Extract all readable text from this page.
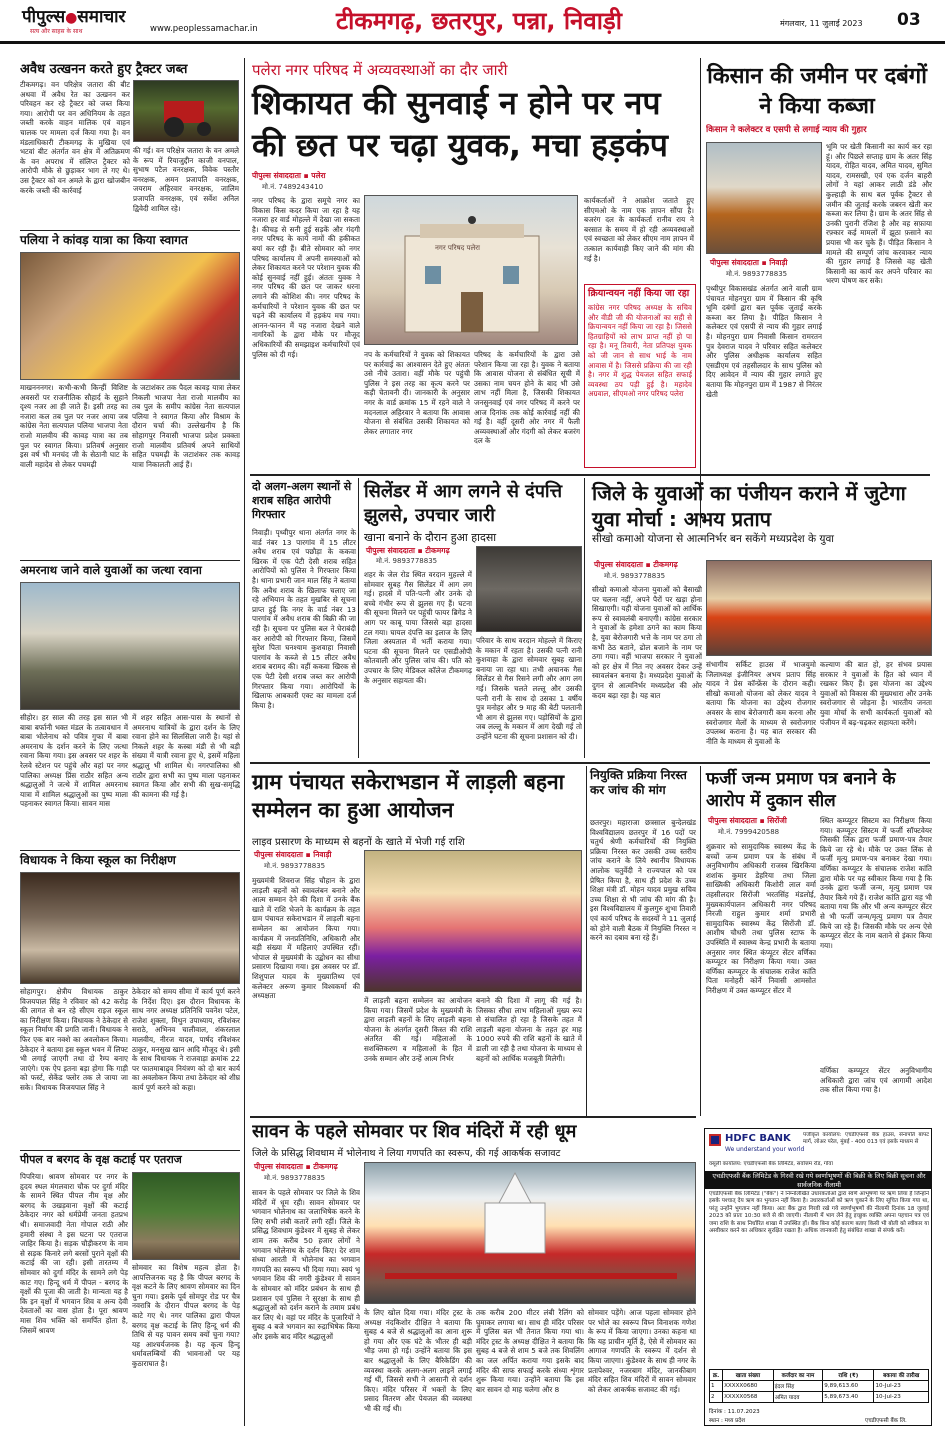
पीपुल्स●समाचार
सत्य और साहस के साथ	www.peoplessamachar.in	टीकमगढ़, छतरपुर, पन्ना, निवाड़ी	मंगलवार, 11 जुलाई 2023 03
अवैध उत्खनन करते हुए ट्रैक्टर जब्त
टीकमगढ़। वन परिक्षेत्र जतारा की बीट अथवा में अवैध रेत का उत्खनन कर परिवहन कर रहे ट्रैक्टर को जब्त किया गया। आरोपी पर वन अधिनियम के तहत जब्ती करके वाहन मालिक एवं वाहन चालक पर मामला दर्ज किया गया है। वन मंडलाधिकारी टीकमगढ़ के मुखिया एवं भटवां बीट अंतर्गत वन क्षेत्र में अतिक्रमण के वन अपराध में संलिप्त ट्रैक्टर को आरोपी मौके से छुड़ाकर भाग ले गए थे। उस ट्रैक्टर को वन अमले के द्वारा खोजबीन करके जब्ती की कार्रवाई
की गई। वन परिक्षेत्र जतारा के वन अमले के रूप में रियाजुद्दीन काजी वनपाल, सुभाष पटैल वनरक्षक, विवेक पस्तौर वनरक्षक, अमन प्रजापति वनरक्षक, जयराम अहिरवार वनरक्षक, जालिम प्रजापति वनरक्षक, एवं सर्वेश अनिल द्विवेदी शामिल रहे।
पलिया ने कांवड़ यात्रा का किया स्वागत
माखनननगर। कभी-कभी किन्हीं विशिष्ट अवसरों पर राजनीतिक सौहार्द के सुहाने दृश्य नजर आ ही जाते हैं। इसी तरह का नजारा कल तब पुल पर नजर आया जब कांग्रेस नेता सत्यपाल पलिया भाजपा नेता राजो मालवीय की कावड़ यात्रा का तब पुल पर स्वागत किया। प्रतिवर्ष अनुसार इस वर्ष भी मनचंद जी के सेठानी घाट के वाली महादेव से लेकर पचमढ़ी
के जटाशंकर तक पैदल कावड़ यात्रा लेकर निकली भाजपा नेता राजो मालवीय का तब पुल के समीप कांग्रेस नेता सत्यपाल पलिया ने स्वागत किया और विश्राम के दौरान चर्चा की। उल्लेखनीय है कि सोहागपुर निवासी भाजपा प्रदेश प्रवक्ता राजो मालवीय प्रतिवर्ष अपने साथियों सहित पचमढ़ी के जटाशंकर तक कावड़ यात्रा निकालती आई हैं।
अमरनाथ जाने वाले युवाओं का जत्था रवाना
सीहोर। हर साल की तरह इस साल भी बाबा बर्फानी भक्त मंडल के तत्वावधान में बाबा भोलेनाथ को पवित्र गुफा में बाबा अमरनाथ के दर्शन करने के लिए जत्था रवाना किया गया। इस अवसर पर शहर के रेलवे स्टेशन पर पहुंचे और वहां पर नगर पालिका अध्यक्ष प्रिंस राठौर सहित अन्य श्रद्धालुओं ने जत्थे में शामिल अमरनाथ यात्रा में शामिल श्रद्धालुओं का पुष्प माला पहनाकर स्वागत किया। सावन मास
में शहर सहित आस-पास के स्थानों से अमरनाथ यात्रियों के द्वारा दर्शन के लिए रवाना होने का सिलसिला जारी है। यहां से निकले शहर के कस्बा मंडी से भी बड़ी संख्या में यात्री रवाना हुए थे, इसमें महिला श्रद्धालु भी शामिल थे। नगरपालिका श्री राठौर द्वारा सभी का पुष्प माला पहनाकर स्वागत किया और सभी की सुख-समृद्धि की कामना की गई है।
विधायक ने किया स्कूल का निरीक्षण
सोहागपुर। क्षेत्रीय विधायक ठाकुर विजयपाल सिंह ने रविवार को 42 करोड़ की लागत से बन रहे सीएम राइज स्कूल का निरीक्षण किया। विधायक ने ठेकेदार से स्कूल निर्माण की प्रगति जानी। विधायक ने फिर एक बार नक्शे का अवलोकन किया। ठेकेदार ने बताया इस स्कूल भवन में लिफ्ट भी लगाई जाएगी तथा दो रैम्प बनाए जाएंगे। एक ऐप इतना बड़ा होगा कि गाड़ी को फर्स्ट, सेकेंड फ्लोर तक ले जाया जा सके। विधायक विजयपाल सिंह ने
ठेकेदार को समय सीमा में कार्य पूर्ण करने के निर्देश दिए। इस दौरान विधायक के साथ नगर अध्यक्ष प्रतिनिधि पवनेश पटेल, राजेश शुक्ला, मिथुन उपाध्याय, रविशंकर सराठे, अभिनव चालीवाल, शंकरलाल मालवीय, नीरज यादव, पार्षद रविशंकर ठाकुर, मनसुख खान आदि मौजूद थे। इसी के साथ विधायक ने राजवाड़ा क्रमांक 22 पर फातमाबाद्र्व नियंत्रण को दो बार कार्य का अवलोकन किया तथा ठेकेदार को शीघ्र कार्य पूर्ण करने को कहा।
पीपल व बरगद के वृक्ष कटाई पर एतराज
पिपरिया। श्रावण सोमवार पर नगर के हृदय स्थल मंगलवारा चौक पर दुर्गा मंदिर के सामने स्थित पीपल नीम वृक्ष और बरगद के उखड़वाना वृक्षों की कटाई ठेकेदार नगर को धर्मप्रेमी जनता हतप्रभ थी। समाजवादी नेता गोपाल राठी और हमारी संस्था ने इस घटना पर एतराज जाहिर किया है। सड़क चौड़ीकरण के नाम से सड़क किनारे लगे बरसों पुराने वृक्षों की कटाई की जा रही। इसी तारतम्य में सोमवार को दुर्गा मंदिर के सामने लगे पेड़ काट गए। हिन्दू धर्म में पीपल - बरगद के वृक्षों की पूजा की जाती है। मान्यता यह है कि इन वृक्षों में भगवान शिव व अन्य देवी देवताओं का वास होता है। पूरा श्रावण मास शिव भक्ति को समर्पित होता है, जिसमें श्रावण
सोमवार का विशेष महत्व होता है। आपत्तिजनक यह है कि पीपल बरगद के वृक्ष कटने के लिए श्रावण सोमवार का दिन चुना गया। इसके पूर्व सोमपुर रोड पर चैत्र नवरात्रि के दौरान पीपल बरगद के पेड़ काटे गए थे। नगर पालिका द्वारा पीपल बरगद वृक्ष कटाई के लिए हिन्दू धर्म की तिथि से यह पावन समय क्यों चुना गया? यह आश्चर्यजनक है। यह कृत्य हिन्दू धर्मावलम्बियों की भावनाओं पर यह कुठाराघात है।
पलेरा नगर परिषद में अव्यवस्थाओं का दौर जारी
शिकायत की सुनवाई न होने पर नप की छत पर चढ़ा युवक, मचा हड़कंप
पीपुल्स संवाददाता ▪ पलेरा
मो.नं. 7489243410
नगर परिषद के द्वारा समूचे नगर का विकास किस कदर किया जा रहा है यह नजारा हर वार्ड मोहल्ले में देखा जा सकता है। कीचड़ से सनी हुई सड़कें और गंदगी नगर परिषद के कार्य नामों की हकीकत बयां कर रही हैं। बीते सोमवार को नगर परिषद कार्यालय में अपनी समस्याओं को लेकर शिकायत करने पर परेशान युवक की कोई सुनवाई नहीं हुई। अंततः युवक ने नगर परिषद की छत पर जाकर धरना लगाने की कोशिश की। नगर परिषद के कर्मचारियों ने परेशान युवक की छत पर चढ़ने की कार्यालय में हड़कंप मच गया। आनन-फानन में यह नजारा देखने वाले नागरिकों के द्वारा मौके पर मौजूद अधिकारियों की समझाइश कर्मचारियों एवं पुलिस को दी गई।
नगर परिषद पलेरा
नप के कर्मचारियों ने युवक को शिकायत पर कार्रवाई का आश्वासन देते हुए अंततः उसे नीचे उतारा। वहीं मौके पर पहुंची पुलिस ने इस तरह का कृत्य करने पर कड़ी चेतावनी दी। जानकारी के अनुसार नगर के वार्ड क्रमांक 15 में रहने वाले ने मदनलाल अहिरवार ने बताया कि आवास योजना से संबंधित उसकी शिकायत को लेकर लगातार नगर
परिषद के कर्मचारियों के द्वारा उसे परेशान किया जा रहा है। युवक ने बताया कि आवास योजना से संबंधित सूची में उसका नाम चयन होने के बाद भी उसे लाभ नहीं मिला है, जिसकी शिकायत जनसुनवाई एवं नगर परिषद में करने पर आज दिनांक तक कोई कार्रवाई नहीं की गई है। वहीं दूसरी ओर नगर में फैली अव्यवस्थाओं और गंदगी को लेकर बजरंग दल के
कार्यकर्ताओं ने आक्रोश जताते हुए सीएमओ के नाम एक ज्ञापन सौंपा है। बजरंग दल के कार्यकर्ता रानीव राय ने बरसात के समय में हो रही अव्यवस्थाओं एवं स्वच्छता को लेकर सीएम नाम ज्ञापन में तत्काल कार्यवाही किए जाने की मांग की गई है।
क्रियान्वयन नहीं किया जा रहा
कांग्रेस नगर परिषद अध्यक्ष के सचिव और वीडी जी की योजनाओं का सही से क्रियान्वयन नहीं किया जा रहा है। जिससे हितग्राहियों को लाभ प्राप्त नहीं हो पा रहा है। मनू तिवारी, नेता प्रतिपक्ष युवक को जी जान से साथ भाई के नाम आवास में है। जिससे प्रक्रिया की जा रही है। नगर में शुद्ध पेयजल सहित सफाई व्यवस्था ठप पड़ी हुई है। महादेव अग्रवाल, सीएमओ नगर परिषद पलेरा
किसान की जमीन पर दबंगों ने किया कब्जा
किसान ने कलेक्टर व एसपी से लगाई न्याय की गुहार
पीपुल्स संवाददाता ▪ निवाड़ी
मो.नं. 9893778835
पृथ्वीपुर विकासखंड अंतर्गत आने वाली ग्राम पंचायत मोहनपुरा ग्राम में किसान की कृषि भूमि दबंगों द्वारा बल पूर्वक जुताई करके कब्जा कर लिया है। पीड़ित किसान ने कलेक्टर एवं एसपी से न्याय की गुहार लगाई है। मोहनपुरा ग्राम निवासी किसान रामरतन पुत्र देवराज यादव ने परिवार सहित कलेक्टर और पुलिस अधीक्षक कार्यालय सहित एसडीएम एवं तहसीलदार के साथ पुलिस को दिए आवेदन में न्याय की गुहार लगाते हुए बताया कि मोहनपुरा ग्राम में 1987 से निरंतर खेती
भूमि पर खेती किसानी का कार्य कर रहा हूं। और पिछले सप्ताह ग्राम के अतर सिंह यादव, रोहित यादव, अमित यादव, सुमित यादव, रामसखी, एवं एक दर्जन बाहरी लोगों ने यहां आकर लाठी डंडे और कुल्हाड़ी के साथ बल पूर्वक ट्रैक्टर से जमीन की जुताई करके जबरन खेती कर कब्जा कर लिया है। ग्राम के अतर सिंह से उनकी पुरानी रंजिश है और वह सफ़ाया रफ़्कार कई मामलों में झूठा फ़साने का प्रयास भी कर चुके हैं। पीड़ित किसान ने मामले की सम्पूर्ण जांच करवाकर न्याय की गुहार लगाई है जिससे वह खेती किसानी का कार्य कर अपने परिवार का भरण पोषण कर सके।
दो अलग-अलग स्थानों से शराब सहित आरोपी गिरफ्तार
निवाड़ी। पृथ्वीपुर थाना अंतर्गत नगर के वार्ड नंबर 13 पारगांव में 15 लीटर अवैध शराब एवं पछौड़ा के ककवा खिरक में एक पेटी देसी शराब सहित आरोपियों को पुलिस ने गिरफ्तार किया है। थाना प्रभारी जान माल सिंह ने बताया कि अवैध शराब के खिलाफ चलाए जा रहे अभियान के तहत मुखबिर से सूचना प्राप्त हुई कि नगर के वार्ड नंबर 13 पारगांव में अवैध शराब की बिक्री की जा रही है। सूचना पर पुलिस बल ने घेराबंदी कर आरोपी को गिरफ्तार किया, जिसमें सुरेश पिता घनश्याम कुशवाहा निवासी पारगांव के कब्जे से 15 लीटर अवैध शराब बरामद की। वहीं ककवा खिरक से एक पेटी देसी शराब जब्त कर आरोपी गिरफ्तार किया गया। आरोपियों के खिलाफ आबकारी एक्ट का मामला दर्ज किया है।
सिलेंडर में आग लगने से दंपत्ति झुलसे, उपचार जारी
खाना बनाने के दौरान हुआ हादसा
पीपुल्स संवाददाता ▪ टीकमगढ़
मो.नं. 9893778835
शहर के जेल रोड स्थित वरदान मुहल्ले में सोमवार सुबह गैस सिलेंडर में आग लग गई। हादसे में पति-पत्नी और उनके दो बच्चे गंभीर रूप से झुलस गए हैं। घटना की सूचना मिलने पर पहुंची फायर ब्रिगेड ने आग पर काबू पाया जिससे बड़ा हादसा टल गया। घायल दंपत्ति का इलाज के लिए जिला अस्पताल में भर्ती कराया गया। घटना की सूचना मिलने पर एसडीओपी कोतवाली और पुलिस जांच की। पति को उपचार के लिए मेडिकल कॉलेज टीकमगढ़ के अनुसार सहायता की।
परिवार के साथ वरदान मोहल्ले में किराए के मकान में रहता है। उसकी पत्नी रानी कुशवाहा के द्वारा सोमवार सुबह खाना बनाया जा रहा था। तभी अचानक गैस सिलेंडर से गैस रिसने लगी और आग लग गई। जिसके चलते लल्लू और उसकी पत्नी रानी के साथ दो उसका 1 वर्षीय पुत्र मनोहर और 9 माह की बेटी पलतानी भी आग से झुलस गए। पड़ोसियों के द्वारा जब लल्लू के मकान में आग देखी गई तो उन्होंने घटना की सूचना प्रशासन को दी।
जिले के युवाओं का पंजीयन कराने में जुटेगा युवा मोर्चा : अभय प्रताप
सीखो कमाओ योजना से आत्मनिर्भर बन सकेंगे मध्यप्रदेश के युवा
पीपुल्स संवाददाता ▪ टीकमगढ़
मो.नं. 9893778835
सीखो कमाओ योजना युवाओं को बैसाखी पर चलना नहीं, अपने पैरों पर खड़ा होना सिखाएगी। यही योजना युवाओं को आर्थिक रूप से स्वावलंबी बनाएगी। कांग्रेस सरकार ने युवाओं के हमेशा ठगने का काम किया है, युवा बेरोजगारी भत्ते के नाम पर ठगा तो कभी ठेठ बताने, ढोल बजाने के नाम पर ठगा गया। वहीं भाजपा सरकार ने युवाओं को हर क्षेत्र में नित नए अवसर देकर उन्हें स्वावलंबन बनाया है। मध्यप्रदेश युवाओं के दुगन से आत्मनिर्भर मध्यप्रदेश की ओर कदम बढ़ा रहा है। यह बात
संभागीय सर्किट हाउस में भाजयुमो जिलाध्यक्ष इंजीनियर अभय प्रताप सिंह यादव ने प्रेस कॉन्फ्रेंस के दौरान कही। सीखो कमाओ योजना को लेकर यादव ने बताया कि योजना का उद्देश्य रोजगार अवसर के साथ बेरोजगारी कम करना और स्वरोजगार मेलों के माध्यम से स्वरोजगार उपलब्ध कराना है। यह बात सरकार की नीति के माध्यम से युवाओं के
कल्याण की बात हो, हर संभव प्रयास सरकार ने युवाओं के हित को ध्यान में रखकर किए हैं। इस योजना का उद्देश्य युवाओं को विकास की मुख्यधारा और उनके स्वरोजगार से जोड़ना है। भारतीय जनता युवा मोर्चा के सभी कार्यकर्ता युवाओं को पंजीयन में बढ़-चढ़कर सहायता करेंगे।
ग्राम पंचायत सकेराभडान में लाड़ली बहना सम्मेलन का हुआ आयोजन
लाइव प्रसारण के माध्यम से बहनों के खाते में भेजी गई राशि
पीपुल्स संवाददाता ▪ निवाड़ी
मो.नं. 9893778835
मुख्यमंत्री शिवराज सिंह चौहान के द्वारा लाड़ली बहनों को स्वावलंबन बनाने और आत्म सम्मान देने की दिशा में उनके बैंक खाते में राशि भेजने के कार्यक्रम के तहत ग्राम पंचायत सकेराभडान में लाड़ली बहना सम्मेलन का आयोजन किया गया। कार्यक्रम में जनप्रतिनिधि, अधिकारी और बड़ी संख्या में महिलाएं उपस्थित रहीं। भोपाल से मुख्यमंत्री के उद्बोधन का सीधा प्रसारण दिखाया गया। इस अवसर पर डॉ. शिशुपाल यादव के मुख्यातिथ्य एवं कलेक्टर अरूण कुमार विश्वकर्मा की अध्यक्षता
में लाड़ली बहना सम्मेलन का आयोजन किया गया। जिसमें प्रदेश के मुख्यमंत्री के द्वारा लाड़ली बहनों के लिए लाड़ली बहना योजना के अंतर्गत दूसरी किस्त की राशि अंतरित की गई। महिलाओं के सशक्तिकरण व महिलाओं के हित में उनके सम्मान और उन्हें आत्म निर्भर
बनाने की दिशा में लागू की गई है। जिसका सीधा लाभ महिलाओं मुख्य रूप से संचालित हो रहा है जिसके तहत मैं लाड़ली बहना योजना के तहत हर माह 1000 रुपये की राशि बहनों के खाते में डाली जा रही है तथा योजना के माध्यम से बहनों को आर्थिक मजबूती मिलेगी।
नियुक्ति प्रक्रिया निरस्त कर जांच की मांग
छतरपुर। महाराजा छत्रसाल बुन्देलखंड विश्वविद्यालय छतरपुर में 16 पदों पर चतुर्थ श्रेणी कर्मचारियों की नियुक्ति प्रक्रिया निरस्त कर उसकी उच्च स्तरीय जांच कराने के लिये स्थानीय विधायक आलोक चतुर्वेदी ने राज्यपाल को पत्र प्रेषित किया है, साथ ही प्रदेश के उच्च शिक्षा मंत्री डॉ. मोहन यादव प्रमुख सचिव उच्च शिक्षा से भी जांच की मांग की है। इस विश्वविद्यालय में कुलगुरु शुभा तिवारी एवं कार्य परिषद के सदस्यों ने 11 जुलाई को होने वाली बैठक में नियुक्ति निरस्त न करने का दबाव बना रहे हैं।
फर्जी जन्म प्रमाण पत्र बनाने के आरोप में दुकान सील
पीपुल्स संवाददाता ▪ सिरोंजी
मो.नं. 7999420588
शुक्रवार को सामुदायिक स्वास्थ्य केंद्र के बच्चों जन्म प्रमाण पत्र के संबंध में अनुविभागीय अधिकारी राजस्व खिरकिया शशांक कुमार डेहरिया तथा जिला साख्यिकी अधिकारी किशोरी लाल वर्मा तहसीलदार सिरोंजी भरतसिंह मंडलोई, मुख्यकार्यपालन अधिकारी नगर परिषद निरजी राहुल कुमार शर्मा प्रभारी सामुदायिक स्वास्थ्य केंद्र सिरोंजी डॉ. आशीष चौधरी तथा पुलिस स्टाफ के उपस्थिति में स्वास्थ्य केन्द्र प्रभारी के बताया अनुसार नगर स्थित कंप्यूटर सेंटर वर्णिका कम्प्यूटर का निरीक्षण किया गया। उक्त वर्णिका कम्प्यूटर के संचालक राजेश कांति पिता मनोहरी कोर्ने निवासी आमसोत निरीक्षण में उक्त कम्प्यूटर सेंटर में
स्थित कम्प्यूटर सिस्टम का निरीक्षण किया गया। कम्प्यूटर सिस्टम में फर्जी सॉफ्टवेयर जिसकी लिंक द्वारा फर्जी प्रमाण-पत्र तैयार किये जा रहे थे। मौके पर उक्त लिंक से फर्जी मृत्यु प्रमाण-पत्र बनाकर देखा गया। वर्णिका कम्प्यूटर के संचालक राजेश कांति द्वारा मौके पर यह स्वीकार किया गया है कि उनके द्वारा फर्जी जन्म, मृत्यु प्रमाण पत्र तैयार किये गये हैं। राजेश कांति द्वारा यह भी बताया गया कि और भी अन्य कम्प्यूटर सेंटर से भी फर्जी जन्म/मृत्यु प्रमाण पत्र तैयार किये जा रहे हैं। जिसकी मौके पर अन्य ऐसे कम्प्यूटर सेंटर के नाम बताने से इंकार किया गया।
वर्णिका कम्प्यूटर सेंटर अनुविभागीय अधिकारी द्वारा जांच एवं आगामी आदेश तक सील किया गया है।
सावन के पहले सोमवार पर शिव मंदिरों में रही धूम
जिले के प्रसिद्ध शिवधाम में भोलेनाथ ने लिया गणपति का स्वरूप, की गई आकर्षक सजावट
पीपुल्स संवाददाता ▪ टीकमगढ़
मो.नं. 9893778835
सावन के पहले सोमवार पर जिले के शिव मंदिरों में धूम रही। सावन सोमवार पर भगवान भोलेनाथ का जलाभिषेक करने के लिए सभी लंबी कतारें लगी रहीं। जिले के प्रसिद्ध शिवधाम कुंडेश्वर में सुबह से लेकर शाम तक करीब 50 हजार लोगों ने भगवान भोलेनाथ के दर्शन किए। देर शाम संध्या आरती में भोलेनाथ का भगवान गणपति का स्वरूप भी दिया गया। स्वयं भू भगवान शिव की नगरी कुंडेश्वर में सावन के सोमवार को मंदिर प्रबंधन के साथ ही प्रशासन एवं पुलिस ने सुरक्षा के साथ ही श्रद्धालुओं को दर्शन कराने के तमाम प्रबंध कर लिए थे। वहां पर मंदिर के पुजारियों ने सुबह 4 बजे भगवान का रुद्राभिषेक किया और इसके बाद मंदिर श्रद्धालुओं
के लिए खोल दिया गया। मंदिर ट्रस्ट के अध्यक्ष नंदकिशोर दीक्षित ने बताया कि सुबह 4 बजे से श्रद्धालुओं का आना शुरू हो गया और एक घंटे के भीतर ही बड़ी भीड़ जमा हो गई। उन्होंने बताया कि इस बार श्रद्धालुओं के लिए बैरिकेडिंग की व्यवस्था करके अलग-अलग लाइनें लगाई गई थीं, जिससे सभी ने आसानी से दर्शन किए। मंदिर परिसर में भक्तों के लिए प्रसाद वितरण और पेयजल की व्यवस्था भी की गई थी।
तक करीब 200 मीटर लंबी रैलिंग को घुमाकर लगाया था। साथ ही मंदिर परिसर में पुलिस बल भी तैनात किया गया था। मंदिर ट्रस्ट के अध्यक्ष दीक्षित ने बताया कि सुबह 4 बजे से शाम 5 बजे तक शिवलिंग का जल अर्पित कराया गया इसके बाद मंदिर की साफ सफाई करके संध्या शृंगार शुरू किया गया। उन्होंने बताया कि इस बार सावन दो माह चलेगा और 8
सोमवार पड़ेंगे। आज पहला सोमवार होने पर भोले का स्वरूप विघ्न विनाशक गणेश के रूप में किया जाएगा। उनका कहना था कि यह प्राचीन मूर्ति है, ऐसे में सोमवार का आगाज गणपति के स्वरूप में दर्शन से किया जाएगा। कुंडेश्वर के साथ ही नगर के प्रतापेश्वर, नजरबाग मंदिर, जानकीबाग मंदिर सहित शिव मंदिरों में सावन सोमवार को लेकर आकर्षक सजावट की गई।
HDFC BANK
We understand your world
पंजीकृत कार्यालय: एचडीएफसी बैंक हाउस, सेनापति बापट मार्ग, लोअर परेल, मुंबई - 400 013 एवं इसके माध्यम से
वसूली कार्यालय: एचडीएफसी बैंक लिमिटेड, सर्वोत्तम रोड, गोवा
एचडीएफसी बैंक लिमिटेड के गिरवी रखे गये स्वर्णाभूषणों की बिक्री के लिए बिक्री सूचना और सार्वजनिक नीलामी
एचडीएफसी बैंक लिमिटेड ("बैंक") ने निम्नलिखित उधारकर्ताओं द्वारा स्वर्ण आभूषणों पर ऋण लिया है जिन्होंने इसके पश्चात् देय ऋण का भुगतान नहीं किया है। उधारकर्ताओं को ऋण चुकाने के लिए सूचित किया गया था, परंतु उन्होंने भुगतान नहीं किया। अतः बैंक द्वारा गिरवी रखे गये स्वर्णाभूषणों की नीलामी दिनांक 18 जुलाई 2023 को प्रातः 10:30 बजे से की जाएगी। नीलामी में भाग लेने हेतु इच्छुक व्यक्ति अपना पहचान पत्र एवं जमा राशि के साथ निर्धारित शाखा में उपस्थित हों। बैंक बिना कोई कारण बताए किसी भी बोली को स्वीकार या अस्वीकार करने का अधिकार सुरक्षित रखता है। अधिक जानकारी हेतु संबंधित शाखा से संपर्क करें।
क्र.	खाता संख्या	कर्जदार का नाम	राशि (₹)	बकाया की तारीख
1	XXXXX0680	इंदल सिंह	9,89,613.60	10-Jul-23
2	XXXXX0568	अमित यादव	5,89,673.40	10-Jul-23
दिनांक : 11.07.2023
स्थान : मध्य प्रदेश	एचडीएफसी बैंक लि.
